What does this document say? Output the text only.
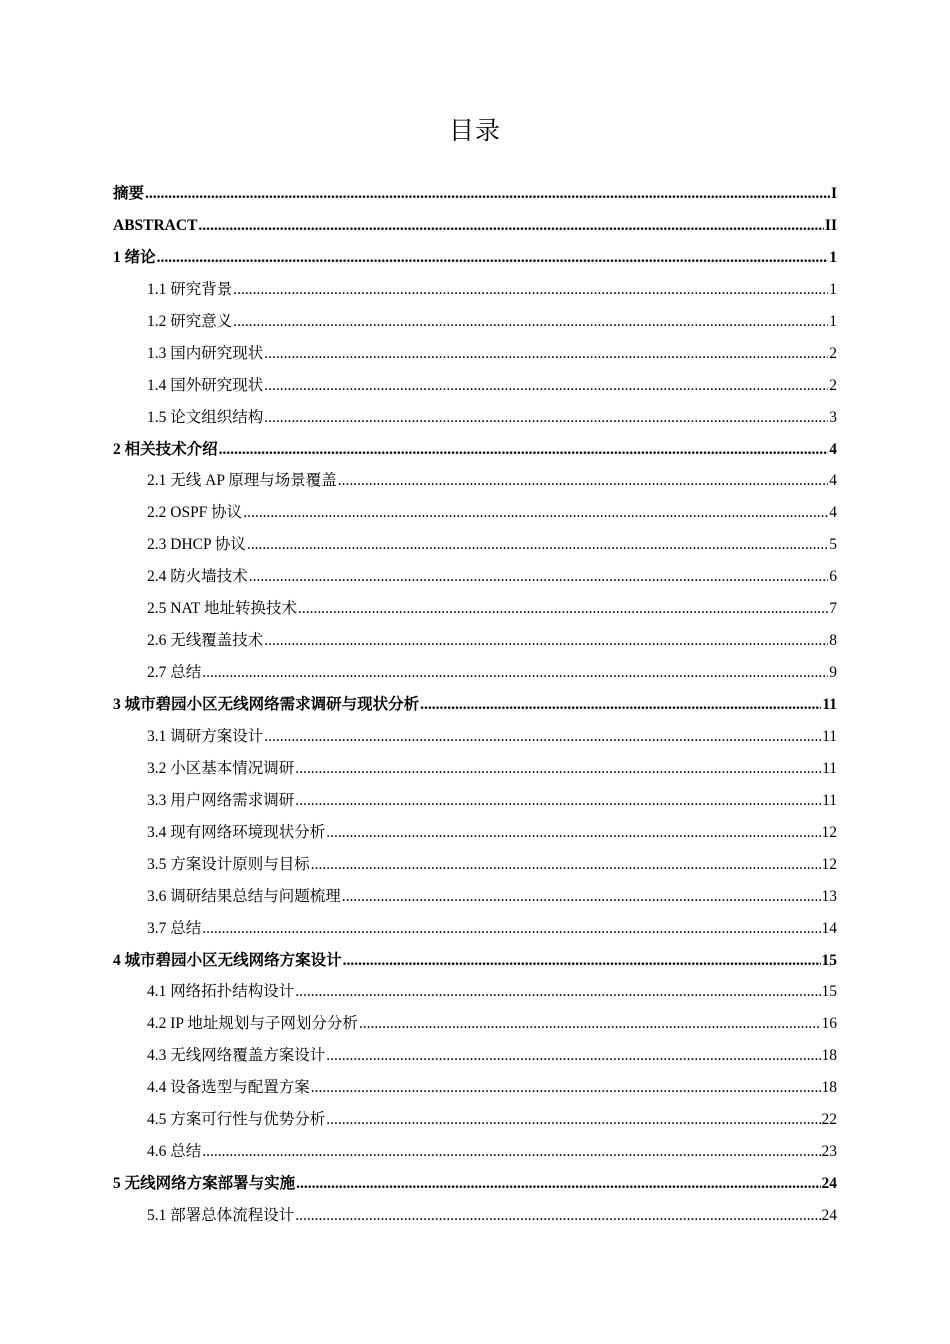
目录
摘要 .....	I
ABSTRACT .....	II
1 绪论 .....	1
1.1 研究背景 .....	1
1.2 研究意义 .....	1
1.3 国内研究现状 .....	2
1.4 国外研究现状 .....	2
1.5 论文组织结构 .....	3
2 相关技术介绍 .....	4
2.1 无线 AP 原理与场景覆盖 .....	4
2.2 OSPF 协议 .....	4
2.3 DHCP 协议 .....	5
2.4 防火墙技术 .....	6
2.5 NAT 地址转换技术 .....	7
2.6 无线覆盖技术 .....	8
2.7 总结 .....	9
3 城市碧园小区无线网络需求调研与现状分析 .....	11
3.1 调研方案设计 .....	11
3.2 小区基本情况调研 .....	11
3.3 用户网络需求调研 .....	11
3.4 现有网络环境现状分析 .....	12
3.5 方案设计原则与目标 .....	12
3.6 调研结果总结与问题梳理 .....	13
3.7 总结 .....	14
4 城市碧园小区无线网络方案设计 .....	15
4.1 网络拓扑结构设计 .....	15
4.2 IP 地址规划与子网划分分析 .....	16
4.3 无线网络覆盖方案设计 .....	18
4.4 设备选型与配置方案 .....	18
4.5 方案可行性与优势分析 .....	22
4.6 总结 .....	23
5 无线网络方案部署与实施 .....	24
5.1 部署总体流程设计 .....	24
